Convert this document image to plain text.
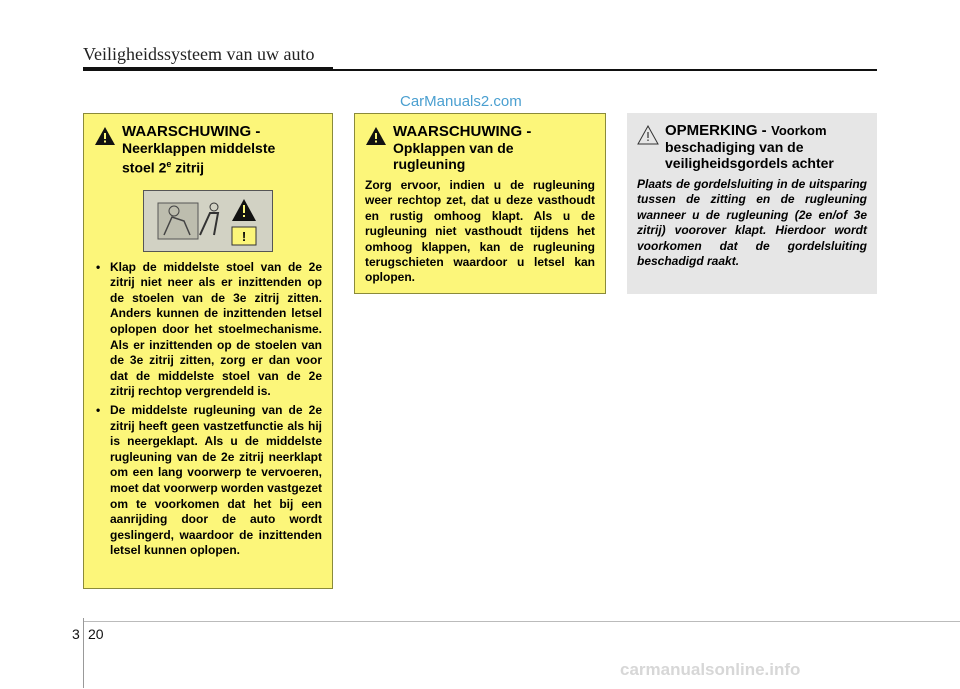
Veiligheidssysteem van uw auto
CarManuals2.com
WAARSCHUWING -
Neerklappen middelste
stoel 2e zitrij
!
• Klap de middelste stoel van de 2e zitrij niet neer als er inzittenden op de stoelen van de 3e zitrij zitten. Anders kunnen de inzittenden letsel oplopen door het stoelmechanisme. Als er inzittenden op de stoelen van de 3e zitrij zitten, zorg er dan voor dat de middelste stoel van de 2e zitrij rechtop vergrendeld is.
• De middelste rugleuning van de 2e zitrij heeft geen vastzetfunctie als hij is neergeklapt. Als u de middelste rugleuning van de 2e zitrij neerklapt om een lang voorwerp te vervoeren, moet dat voorwerp worden vastgezet om te voorkomen dat het bij een aanrijding door de auto wordt geslingerd, waardoor de inzittenden letsel kunnen oplopen.
WAARSCHUWING -
Opklappen van de
rugleuning
Zorg ervoor, indien u de rugleuning weer rechtop zet, dat u deze vasthoudt en rustig omhoog klapt. Als u de rugleuning niet vasthoudt tijdens het omhoog klappen, kan de rugleuning terugschieten waardoor u letsel kan oplopen.
OPMERKING - Voorkom
beschadiging van de
veiligheidsgordels achter
Plaats de gordelsluiting in de uitsparing tussen de zitting en de rugleuning wanneer u de rugleuning (2e en/of 3e zitrij) voorover klapt. Hierdoor wordt voorkomen dat de gordelsluiting beschadigd raakt.
3 20
carmanualsonline.info
